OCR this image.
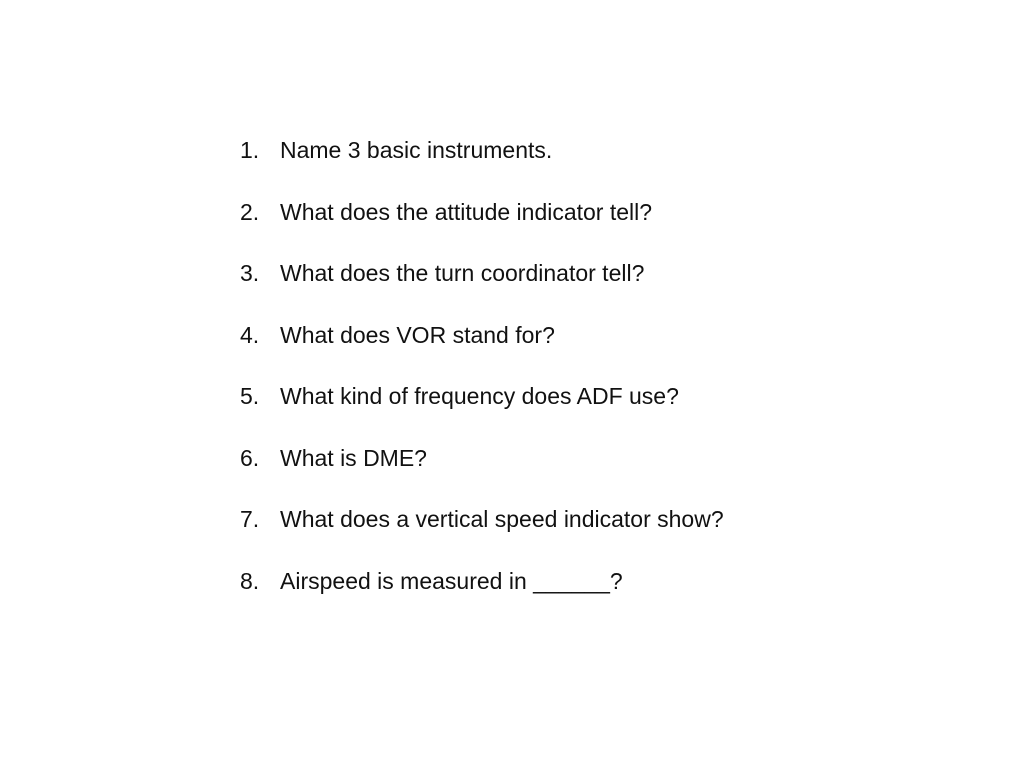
1. Name 3 basic instruments.
2. What does the attitude indicator tell?
3. What does the turn coordinator tell?
4. What does VOR stand for?
5. What kind of frequency does ADF use?
6. What is DME?
7. What does a vertical speed indicator show?
8. Airspeed is measured in ______?
